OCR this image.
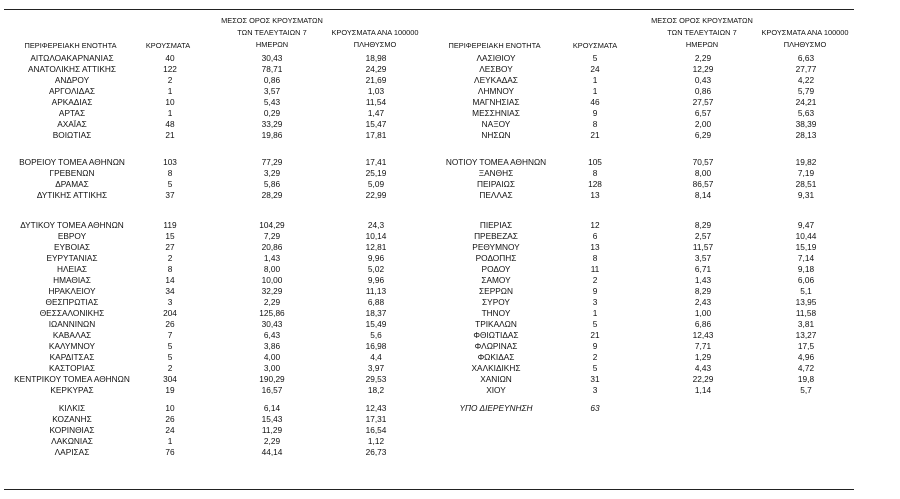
ΠΕΡΙΦΕΡΕΙΑΚΗ ΕΝΟΤΗΤΑ	ΚΡΟΥΣΜΑΤΑ
ΜΕΣΟΣ ΟΡΟΣ ΚΡΟΥΣΜΑΤΩΝ
ΤΩΝ ΤΕΛΕΥΤΑΙΩΝ 7
ΗΜΕΡΩΝ
ΚΡΟΥΣΜΑΤΑ ΑΝΑ 100000
ΠΛΗΘΥΣΜΟ	ΠΕΡΙΦΕΡΕΙΑΚΗ ΕΝΟΤΗΤΑ	ΚΡΟΥΣΜΑΤΑ
ΜΕΣΟΣ ΟΡΟΣ ΚΡΟΥΣΜΑΤΩΝ
ΤΩΝ ΤΕΛΕΥΤΑΙΩΝ 7
ΗΜΕΡΩΝ
ΚΡΟΥΣΜΑΤΑ ΑΝΑ 100000
ΠΛΗΘΥΣΜΟ
ΑΙΤΩΛΟΑΚΑΡΝΑΝΙΑΣ	40	30,43	18,98
ΑΝΑΤΟΛΙΚΗΣ ΑΤΤΙΚΗΣ	122	78,71	24,29
ΑΝΔΡΟΥ	2	0,86	21,69
ΑΡΓΟΛΙΔΑΣ	1	3,57	1,03
ΑΡΚΑΔΙΑΣ	10	5,43	11,54
ΑΡΤΑΣ	1	0,29	1,47
ΑΧΑΪΑΣ	48	33,29	15,47
ΒΟΙΩΤΙΑΣ	21	19,86	17,81
ΒΟΡΕΙΟΥ ΤΟΜΕΑ ΑΘΗΝΩΝ	103	77,29	17,41
ΓΡΕΒΕΝΩΝ	8	3,29	25,19
ΔΡΑΜΑΣ	5	5,86	5,09
ΔΥΤΙΚΗΣ ΑΤΤΙΚΗΣ	37	28,29	22,99
ΔΥΤΙΚΟΥ ΤΟΜΕΑ ΑΘΗΝΩΝ	119	104,29	24,3
ΕΒΡΟΥ	15	7,29	10,14
ΕΥΒΟΙΑΣ	27	20,86	12,81
ΕΥΡΥΤΑΝΙΑΣ	2	1,43	9,96
ΗΛΕΙΑΣ	8	8,00	5,02
ΗΜΑΘΙΑΣ	14	10,00	9,96
ΗΡΑΚΛΕΙΟΥ	34	32,29	11,13
ΘΕΣΠΡΩΤΙΑΣ	3	2,29	6,88
ΘΕΣΣΑΛΟΝΙΚΗΣ	204	125,86	18,37
ΙΩΑΝΝΙΝΩΝ	26	30,43	15,49
ΚΑΒΑΛΑΣ	7	6,43	5,6
ΚΑΛΥΜΝΟΥ	5	3,86	16,98
ΚΑΡΔΙΤΣΑΣ	5	4,00	4,4
ΚΑΣΤΟΡΙΑΣ	2	3,00	3,97
ΚΕΝΤΡΙΚΟΥ ΤΟΜΕΑ ΑΘΗΝΩΝ	304	190,29	29,53
ΚΕΡΚΥΡΑΣ	19	16,57	18,2
ΚΙΛΚΙΣ	10	6,14	12,43
ΚΟΖΑΝΗΣ	26	15,43	17,31
ΚΟΡΙΝΘΙΑΣ	24	11,29	16,54
ΛΑΚΩΝΙΑΣ	1	2,29	1,12
ΛΑΡΙΣΑΣ	76	44,14	26,73
ΛΑΣΙΘΙΟΥ	5	2,29	6,63
ΛΕΣΒΟΥ	24	12,29	27,77
ΛΕΥΚΑΔΑΣ	1	0,43	4,22
ΛΗΜΝΟΥ	1	0,86	5,79
ΜΑΓΝΗΣΙΑΣ	46	27,57	24,21
ΜΕΣΣΗΝΙΑΣ	9	6,57	5,63
ΝΑΞΟΥ	8	2,00	38,39
ΝΗΣΩΝ	21	6,29	28,13
ΝΟΤΙΟΥ ΤΟΜΕΑ ΑΘΗΝΩΝ	105	70,57	19,82
ΞΑΝΘΗΣ	8	8,00	7,19
ΠΕΙΡΑΙΩΣ	128	86,57	28,51
ΠΕΛΛΑΣ	13	8,14	9,31
ΠΙΕΡΙΑΣ	12	8,29	9,47
ΠΡΕΒΕΖΑΣ	6	2,57	10,44
ΡΕΘΥΜΝΟΥ	13	11,57	15,19
ΡΟΔΟΠΗΣ	8	3,57	7,14
ΡΟΔΟΥ	11	6,71	9,18
ΣΑΜΟΥ	2	1,43	6,06
ΣΕΡΡΩΝ	9	8,29	5,1
ΣΥΡΟΥ	3	2,43	13,95
ΤΗΝΟΥ	1	1,00	11,58
ΤΡΙΚΑΛΩΝ	5	6,86	3,81
ΦΘΙΩΤΙΔΑΣ	21	12,43	13,27
ΦΛΩΡΙΝΑΣ	9	7,71	17,5
ΦΩΚΙΔΑΣ	2	1,29	4,96
ΧΑΛΚΙΔΙΚΗΣ	5	4,43	4,72
ΧΑΝΙΩΝ	31	22,29	19,8
ΧΙΟΥ	3	1,14	5,7
ΥΠΟ ΔΙΕΡΕΥΝΗΣΗ	63
